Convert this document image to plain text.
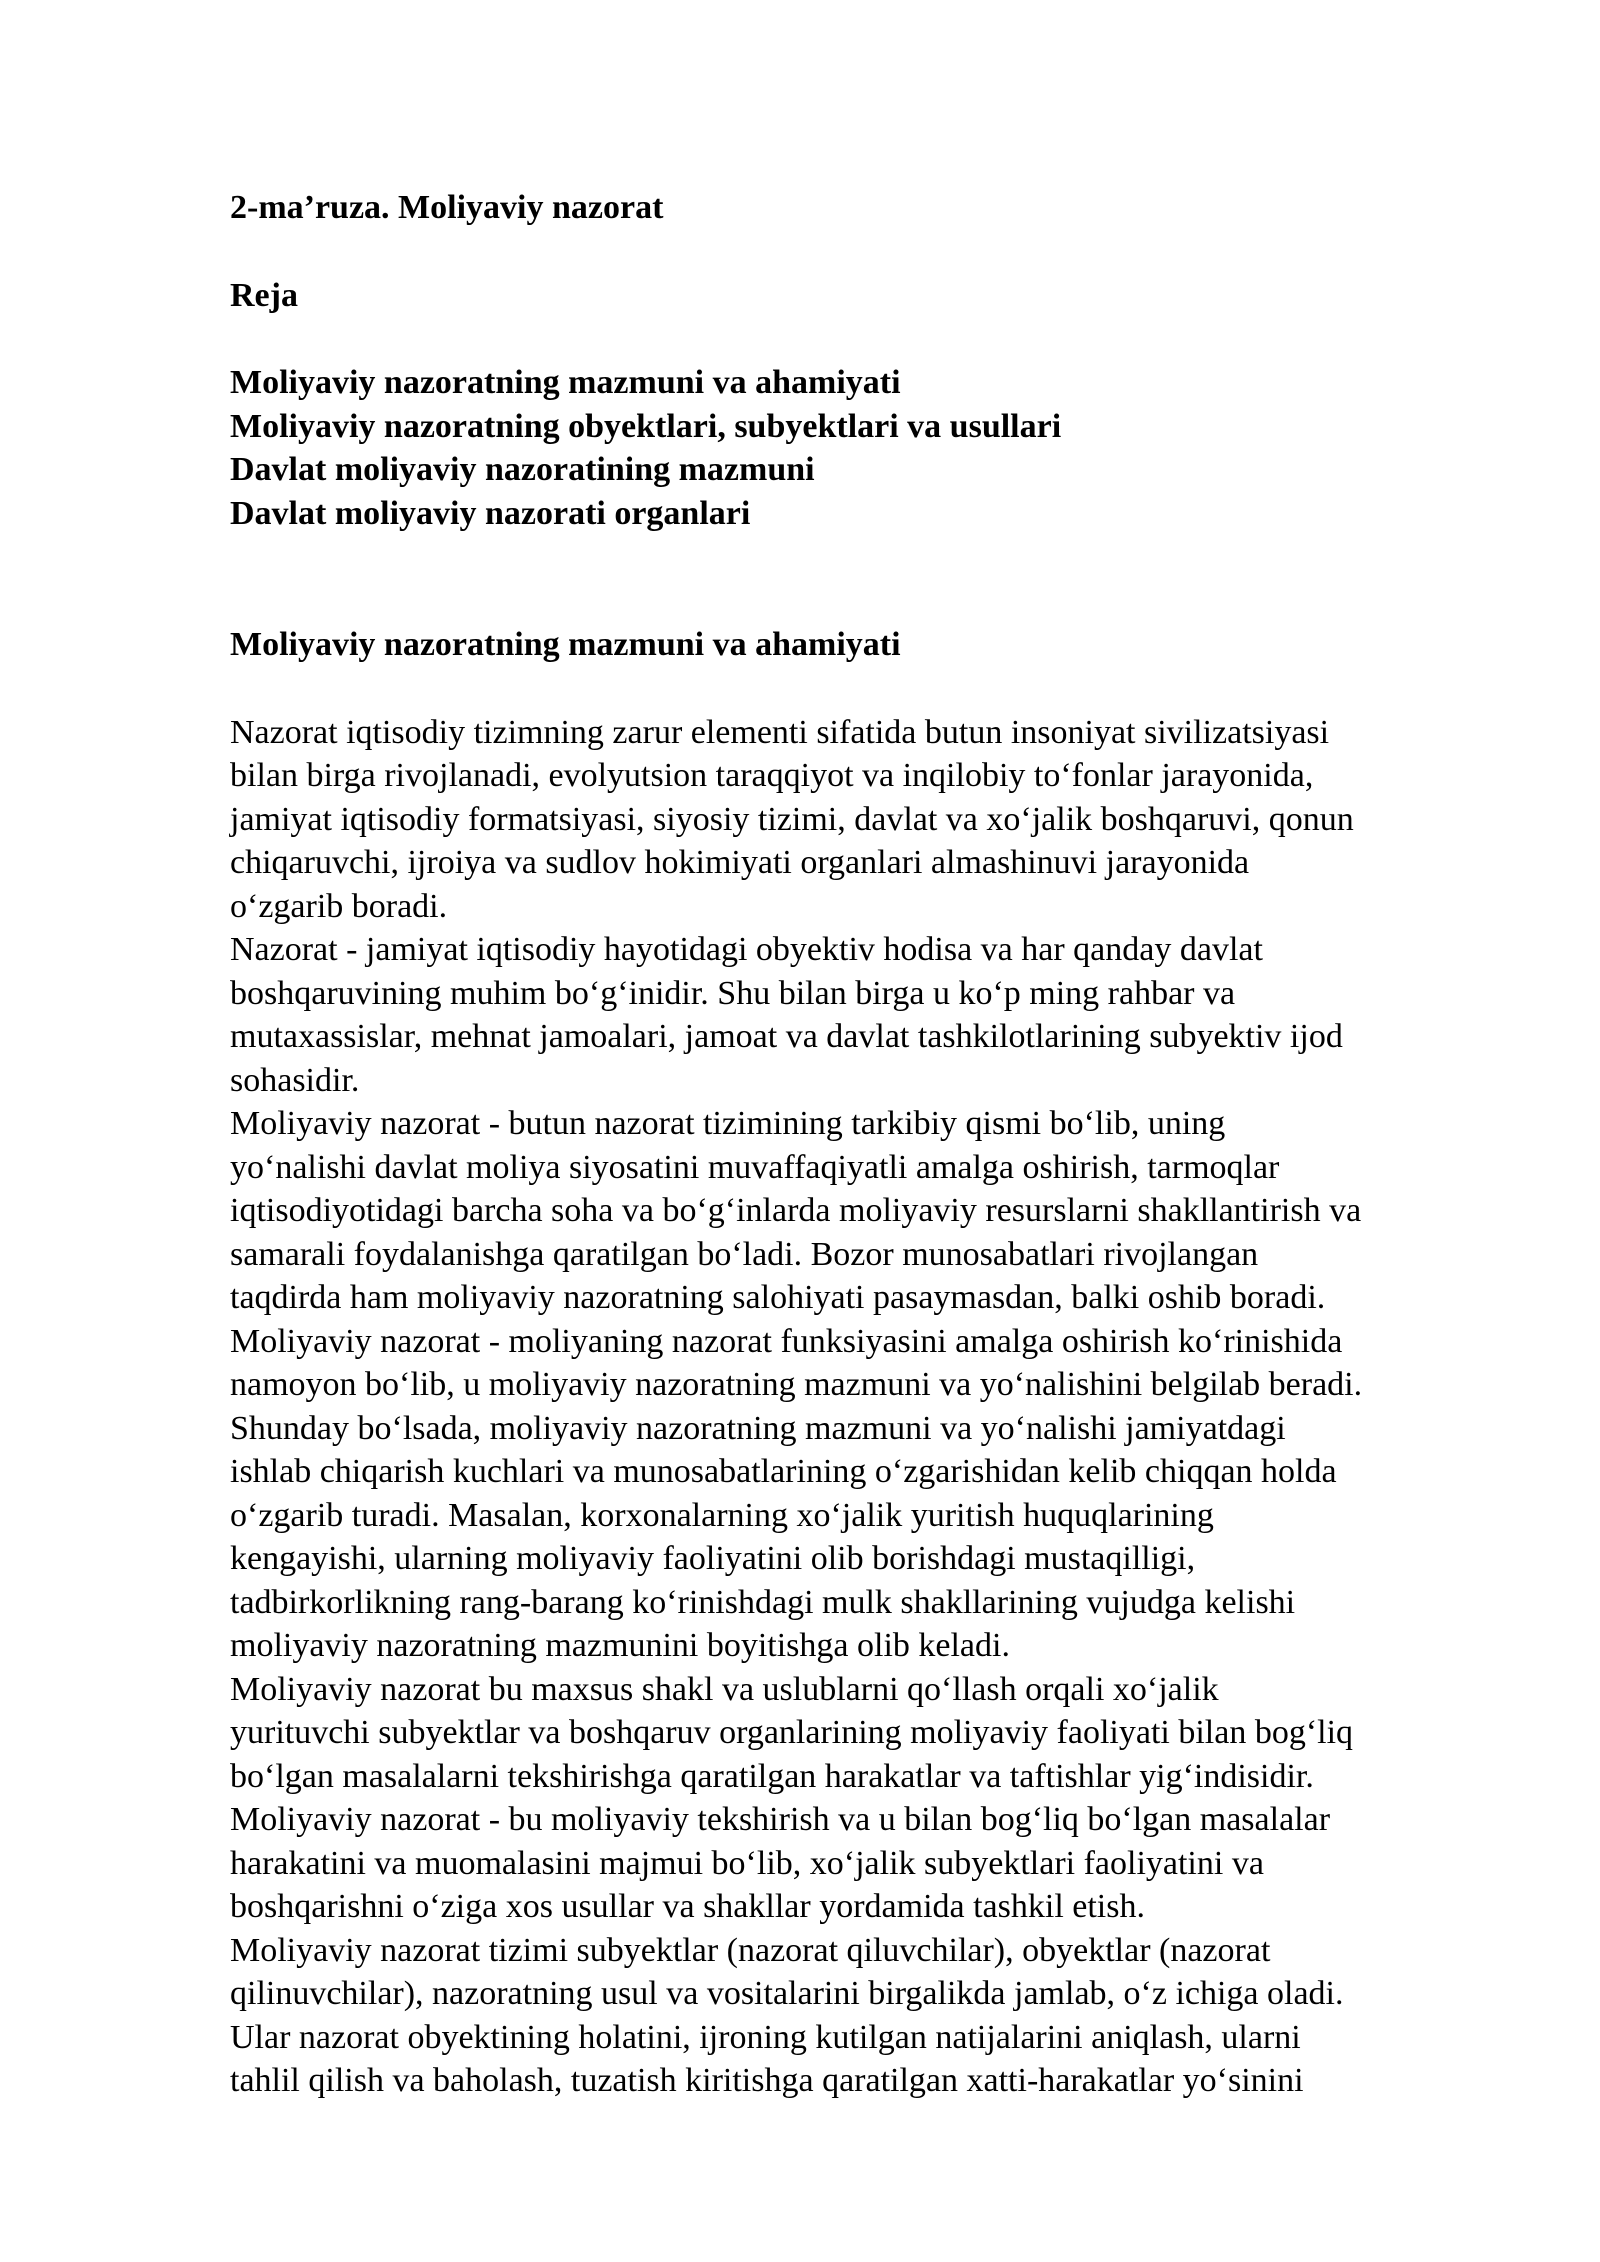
2-ma’ruza. Moliyaviy nazorat
Reja
Moliyaviy nazoratning mazmuni va ahamiyati
Moliyaviy nazoratning obyektlari, subyektlari va usullari
Davlat moliyaviy nazoratining mazmuni
Davlat moliyaviy nazorati organlari
Moliyaviy nazoratning mazmuni va ahamiyati
Nazorat iqtisodiy tizimning zarur elementi sifatida butun insoniyat sivilizatsiyasi
bilan birga rivojlanadi, evolyutsion taraqqiyot va inqilobiy to‘fonlar jarayonida,
jamiyat iqtisodiy formatsiyasi, siyosiy tizimi, davlat va xo‘jalik boshqaruvi, qonun
chiqaruvchi, ijroiya va sudlov hokimiyati organlari almashinuvi jarayonida
o‘zgarib boradi.
Nazorat - jamiyat iqtisodiy hayotidagi obyektiv hodisa va har qanday davlat
boshqaruvining muhim bo‘g‘inidir. Shu bilan birga u ko‘p ming rahbar va
mutaxassislar, mehnat jamoalari, jamoat va davlat tashkilotlarining subyektiv ijod
sohasidir.
Moliyaviy nazorat - butun nazorat tizimining tarkibiy qismi bo‘lib, uning
yo‘nalishi davlat moliya siyosatini muvaffaqiyatli amalga oshirish, tarmoqlar
iqtisodiyotidagi barcha soha va bo‘g‘inlarda moliyaviy resurslarni shakllantirish va
samarali foydalanishga qaratilgan bo‘ladi. Bozor munosabatlari rivojlangan
taqdirda ham moliyaviy nazoratning salohiyati pasaymasdan, balki oshib boradi.
Moliyaviy nazorat - moliyaning nazorat funksiyasini amalga oshirish ko‘rinishida
namoyon bo‘lib, u moliyaviy nazoratning mazmuni va yo‘nalishini belgilab beradi.
Shunday bo‘lsada, moliyaviy nazoratning mazmuni va yo‘nalishi jamiyatdagi
ishlab chiqarish kuchlari va munosabatlarining o‘zgarishidan kelib chiqqan holda
o‘zgarib turadi. Masalan, korxonalarning xo‘jalik yuritish huquqlarining
kengayishi, ularning moliyaviy faoliyatini olib borishdagi mustaqilligi,
tadbirkorlikning rang-barang ko‘rinishdagi mulk shakllarining vujudga kelishi
moliyaviy nazoratning mazmunini boyitishga olib keladi.
Moliyaviy nazorat bu maxsus shakl va uslublarni qo‘llash orqali xo‘jalik
yurituvchi subyektlar va boshqaruv organlarining moliyaviy faoliyati bilan bog‘liq
bo‘lgan masalalarni tekshirishga qaratilgan harakatlar va taftishlar yig‘indisidir.
Moliyaviy nazorat - bu moliyaviy tekshirish va u bilan bog‘liq bo‘lgan masalalar
harakatini va muomalasini majmui bo‘lib, xo‘jalik subyektlari faoliyatini va
boshqarishni o‘ziga xos usullar va shakllar yordamida tashkil etish.
Moliyaviy nazorat tizimi subyektlar (nazorat qiluvchilar), obyektlar (nazorat
qilinuvchilar), nazoratning usul va vositalarini birgalikda jamlab, o‘z ichiga oladi.
Ular nazorat obyektining holatini, ijroning kutilgan natijalarini aniqlash, ularni
tahlil qilish va baholash, tuzatish kiritishga qaratilgan xatti-harakatlar yo‘sinini
